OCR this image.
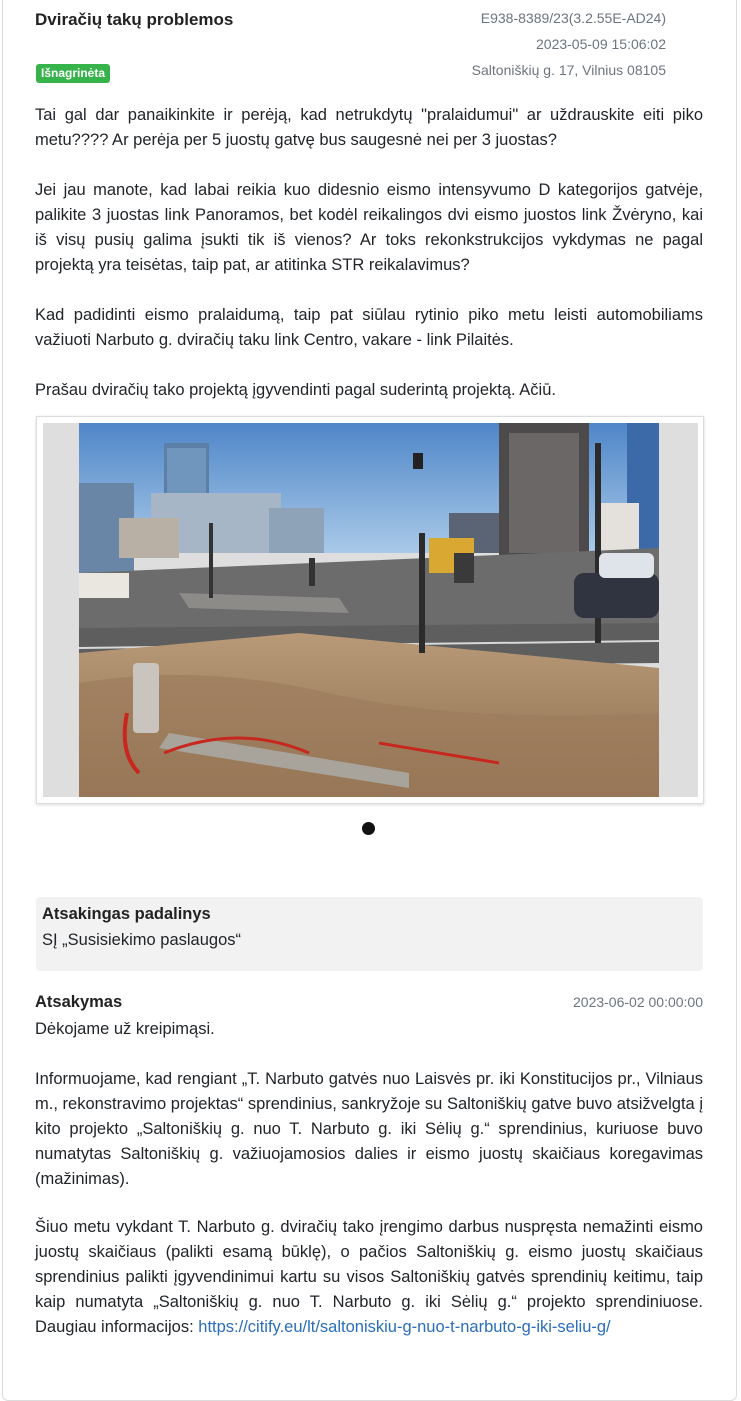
Dviračių takų problemos	E938-8389/23(3.2.55E-AD24)
2023-05-09 15:06:02
Saltoniškių g. 17, Vilnius 08105
Išnagrinėta

Tai gal dar panaikinkite ir perėją, kad netrukdytų "pralaidumui" ar uždrauskite eiti piko metu???? Ar perėja per 5 juostų gatvę bus saugesnė nei per 3 juostas?

Jei jau manote, kad labai reikia kuo didesnio eismo intensyvumo D kategorijos gatvėje, palikite 3 juostas link Panoramos, bet kodėl reikalingos dvi eismo juostos link Žvėryno, kai iš visų pusių galima įsukti tik iš vienos? Ar toks rekonkstrukcijos vykdymas ne pagal projektą yra teisėtas, taip pat, ar atitinka STR reikalavimus?

Kad padidinti eismo pralaidumą, taip pat siūlau rytinio piko metu leisti automobiliams važiuoti Narbuto g. dviračių taku link Centro, vakare - link Pilaitės.

Prašau dviračių tako projektą įgyvendinti pagal suderintą projektą. Ačiū.

Atsakingas padalinys
SĮ „Susisiekimo paslaugos“
Atsakymas	2023-06-02 00:00:00

Dėkojame už kreipimąsi.

Informuojame, kad rengiant „T. Narbuto gatvės nuo Laisvės pr. iki Konstitucijos pr., Vilniaus m., rekonstravimo projektas“ sprendinius, sankryžoje su Saltoniškių gatve buvo atsižvelgta į kito projekto „Saltoniškių g. nuo T. Narbuto g. iki Sėlių g.“ sprendinius, kuriuose buvo numatytas Saltoniškių g. važiuojamosios dalies ir eismo juostų skaičiaus koregavimas (mažinimas).

Šiuo metu vykdant T. Narbuto g. dviračių tako įrengimo darbus nuspręsta nemažinti eismo juostų skaičiaus (palikti esamą būklę), o pačios Saltoniškių g. eismo juostų skaičiaus sprendinius palikti įgyvendinimui kartu su visos Saltoniškių gatvės sprendinių keitimu, taip kaip numatyta „Saltoniškių g. nuo T. Narbuto g. iki Sėlių g.“ projekto sprendiniuose. Daugiau informacijos: https://citify.eu/lt/saltoniskiu-g-nuo-t-narbuto-g-iki-seliu-g/
